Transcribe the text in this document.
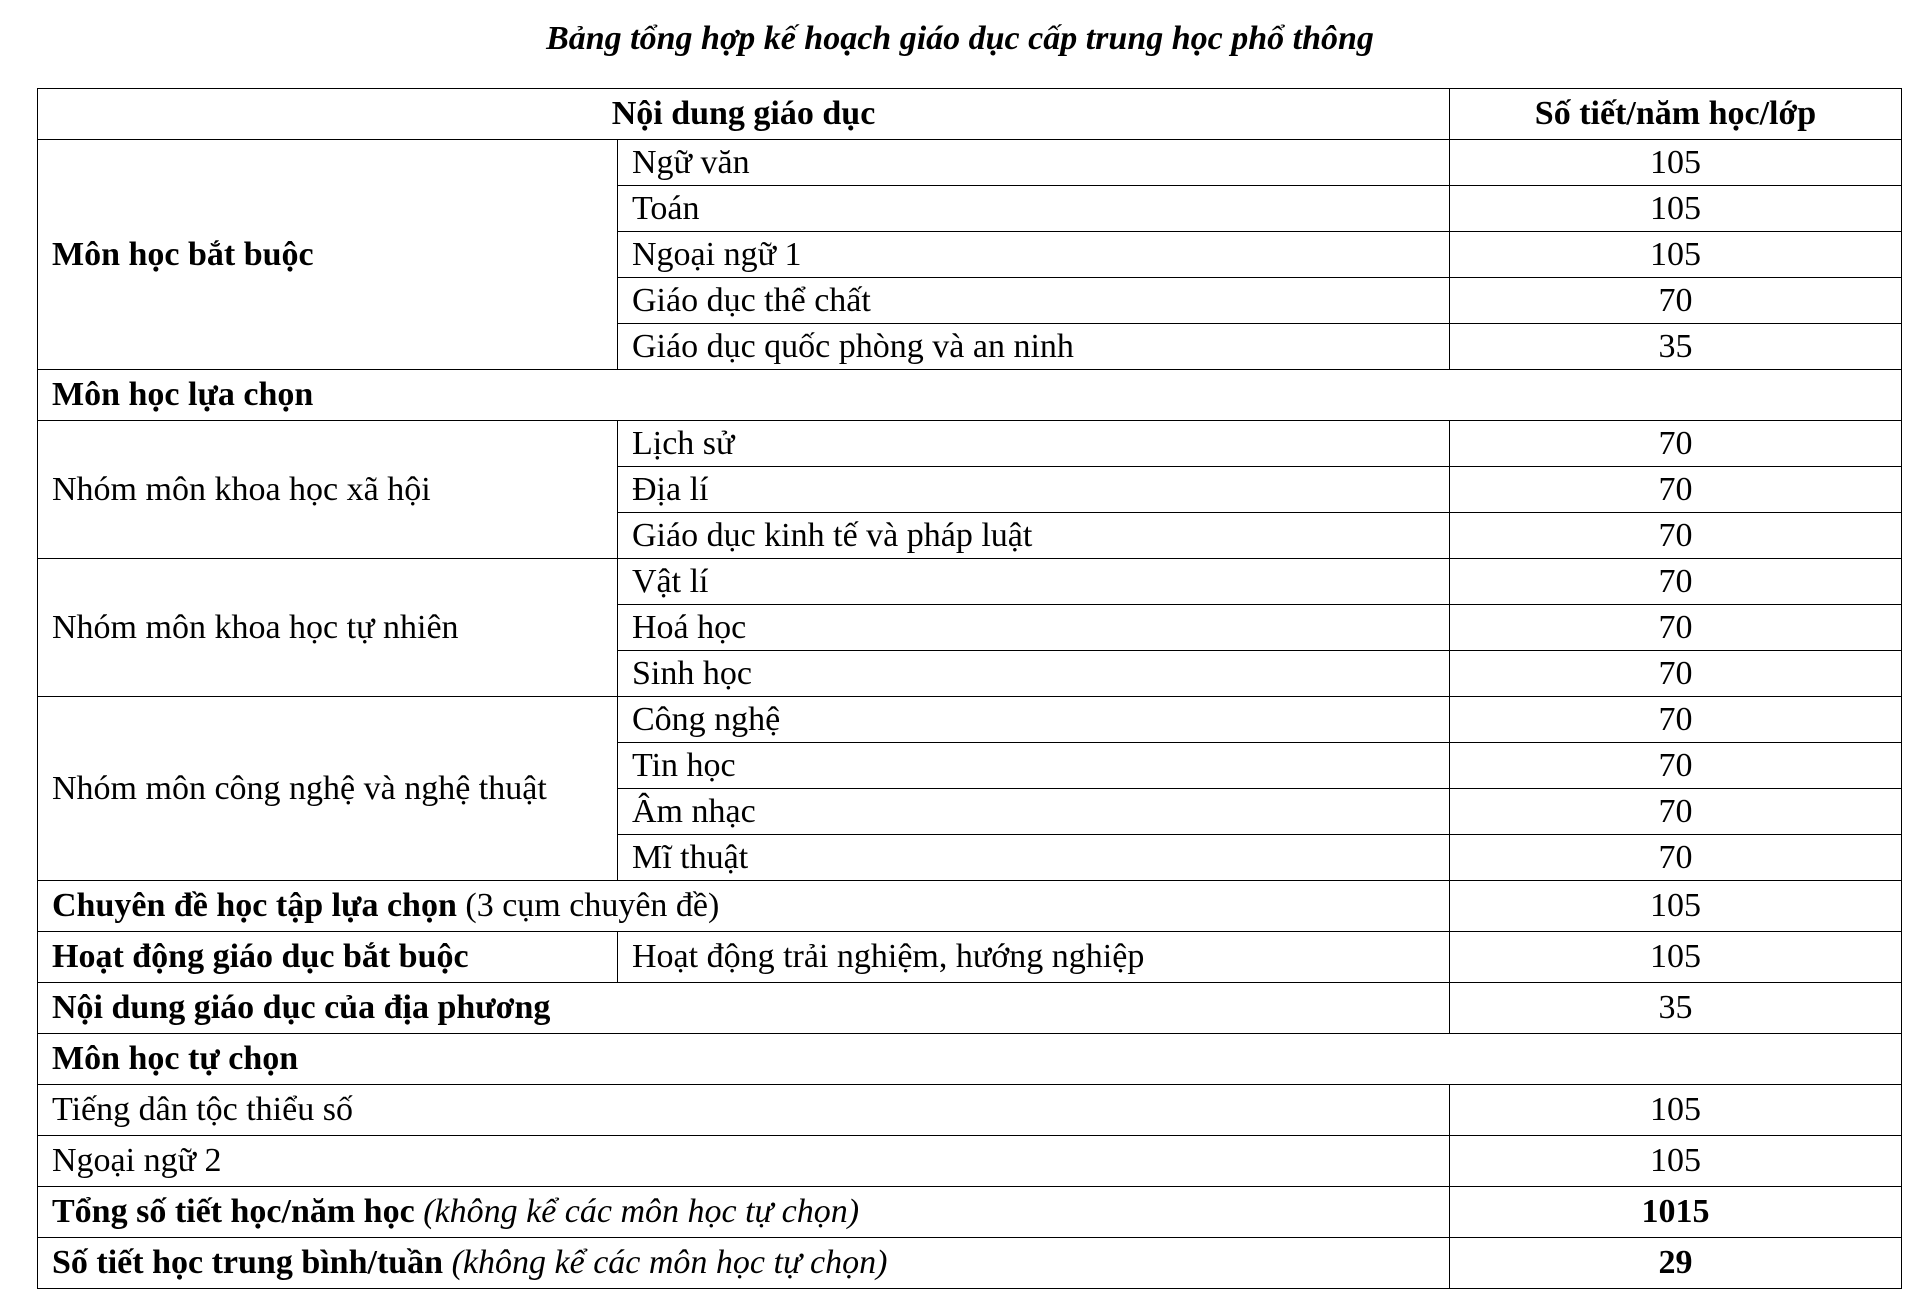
Bảng tổng hợp kế hoạch giáo dục cấp trung học phổ thông
Nội dung giáo dục		Số tiết/năm học/lớp
Môn học bắt buộc	Ngữ văn	105
	Toán	105
	Ngoại ngữ 1	105
	Giáo dục thể chất	70
	Giáo dục quốc phòng và an ninh	35
Môn học lựa chọn		
Nhóm môn khoa học xã hội	Lịch sử	70
	Địa lí	70
	Giáo dục kinh tế và pháp luật	70
Nhóm môn khoa học tự nhiên	Vật lí	70
	Hoá học	70
	Sinh học	70
Nhóm môn công nghệ và nghệ thuật	Công nghệ	70
	Tin học	70
	Âm nhạc	70
	Mĩ thuật	70
Chuyên đề học tập lựa chọn (3 cụm chuyên đề)		105
Hoạt động giáo dục bắt buộc	Hoạt động trải nghiệm, hướng nghiệp	105
Nội dung giáo dục của địa phương		35
Môn học tự chọn		
Tiếng dân tộc thiểu số		105
Ngoại ngữ 2		105
Tổng số tiết học/năm học (không kể các môn học tự chọn)		1015
Số tiết học trung bình/tuần (không kể các môn học tự chọn)		29
